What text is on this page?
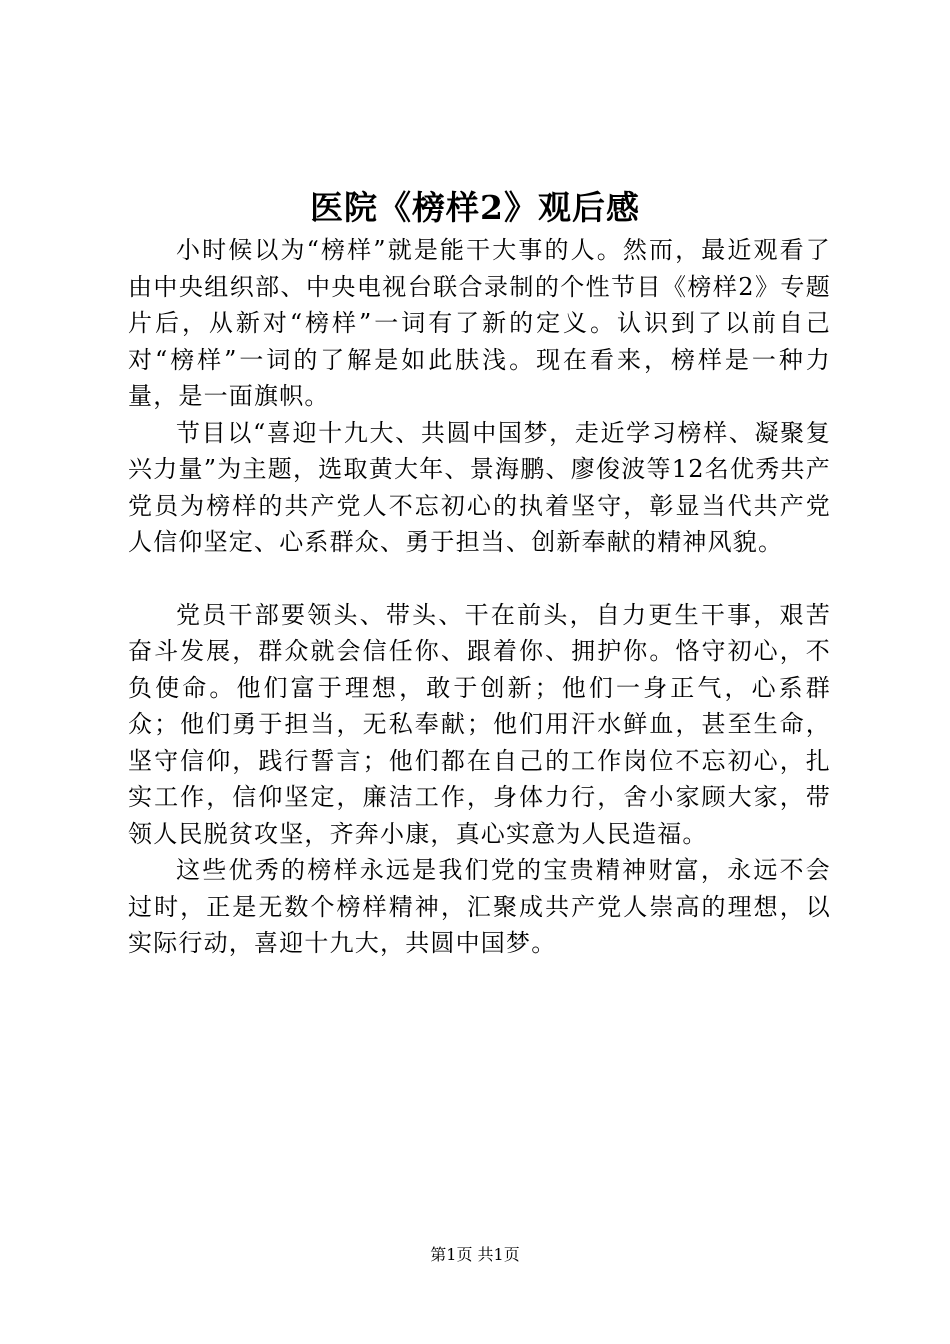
医院《榜样2》观后感

小时候以为“榜样”就是能干大事的人。然而，最近观看了由中央组织部、中央电视台联合录制的个性节目《榜样2》专题片后，从新对“榜样”一词有了新的定义。认识到了以前自己对“榜样”一词的了解是如此肤浅。现在看来，榜样是一种力量，是一面旗帜。

节目以“喜迎十九大、共圆中国梦，走近学习榜样、凝聚复兴力量”为主题，选取黄大年、景海鹏、廖俊波等12名优秀共产党员为榜样的共产党人不忘初心的执着坚守，彰显当代共产党人信仰坚定、心系群众、勇于担当、创新奉献的精神风貌。

党员干部要领头、带头、干在前头，自力更生干事，艰苦奋斗发展，群众就会信任你、跟着你、拥护你。恪守初心，不负使命。他们富于理想，敢于创新；他们一身正气，心系群众；他们勇于担当，无私奉献；他们用汗水鲜血，甚至生命，坚守信仰，践行誓言；他们都在自己的工作岗位不忘初心，扎实工作，信仰坚定，廉洁工作，身体力行，舍小家顾大家，带领人民脱贫攻坚，齐奔小康，真心实意为人民造福。

这些优秀的榜样永远是我们党的宝贵精神财富，永远不会过时，正是无数个榜样精神，汇聚成共产党人崇高的理想，以实际行动，喜迎十九大，共圆中国梦。

第1页 共1页
